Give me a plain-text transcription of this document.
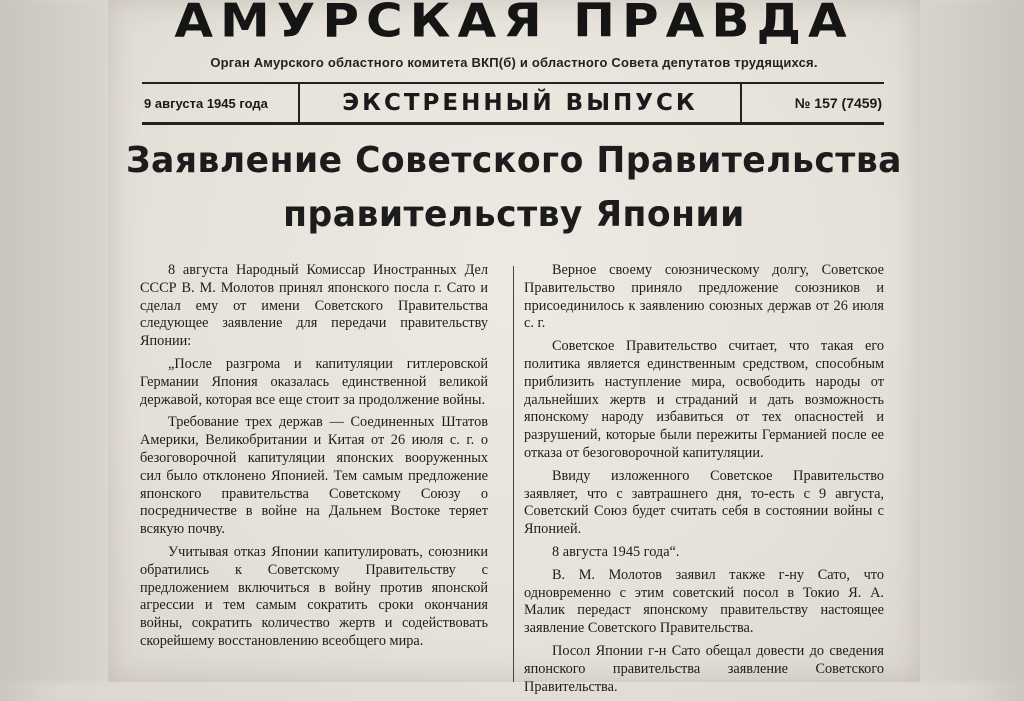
АМУРСКАЯ ПРАВДА
Орган Амурского областного комитета ВКП(б) и областного Совета депутатов трудящихся.
9 августа 1945 года	ЭКСТРЕННЫЙ ВЫПУСК	№ 157 (7459)
Заявление Советского Правительства
правительству Японии

8 августа Народный Комиссар Иностранных Дел СССР В. М. Молотов принял японского посла г. Сато и сделал ему от имени Советского Правительства следующее заявление для передачи правительству Японии:

„После разгрома и капитуляции гитлеровской Германии Япония оказалась единственной великой державой, которая все еще стоит за продолжение войны.

Требование трех держав — Соединенных Штатов Америки, Великобритании и Китая от 26 июля с. г. о безоговорочной капитуляции японских вооруженных сил было отклонено Японией. Тем самым предложение японского правительства Советскому Союзу о посредничестве в войне на Дальнем Востоке теряет всякую почву.

Учитывая отказ Японии капитулировать, союзники обратились к Советскому Правительству с предложением включиться в войну против японской агрессии и тем самым сократить сроки окончания войны, сократить количество жертв и содействовать скорейшему восстановлению всеобщего мира.

Верное своему союзническому долгу, Советское Правительство приняло предложение союзников и присоединилось к заявлению союзных держав от 26 июля с. г.

Советское Правительство считает, что такая его политика является единственным средством, способным приблизить наступление мира, освободить народы от дальнейших жертв и страданий и дать возможность японскому народу избавиться от тех опасностей и разрушений, которые были пережиты Германией после ее отказа от безоговорочной капитуляции.

Ввиду изложенного Советское Правительство заявляет, что с завтрашнего дня, то-есть с 9 августа, Советский Союз будет считать себя в состоянии войны с Японией.

8 августа 1945 года“.

В. М. Молотов заявил также г-ну Сато, что одновременно с этим советский посол в Токио Я. А. Малик передаст японскому правительству настоящее заявление Советского Правительства.

Посол Японии г-н Сато обещал довести до сведения японского правительства заявление Советского Правительства.
